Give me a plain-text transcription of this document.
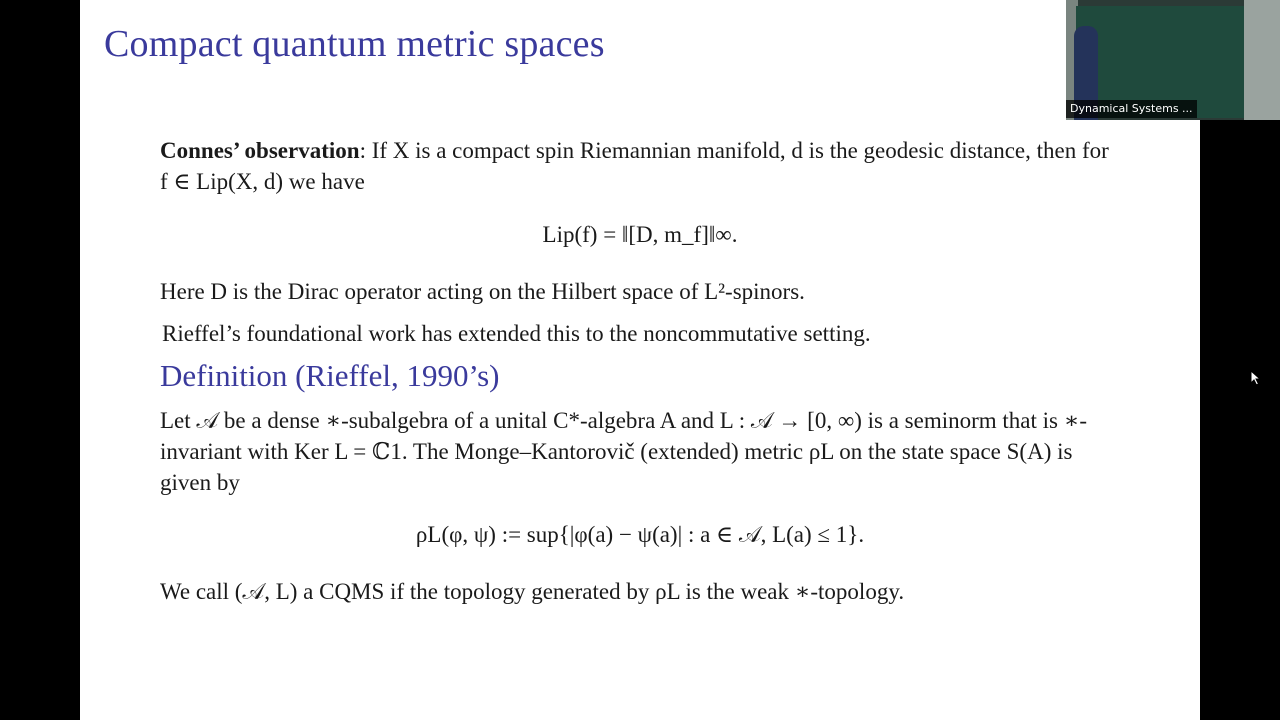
Compact quantum metric spaces
Connes’ observation: If X is a compact spin Riemannian manifold, d is the geodesic distance, then for f ∈ Lip(X, d) we have
Lip(f) = ‖[D, m_f]‖∞.
Here D is the Dirac operator acting on the Hilbert space of L²-spinors.
Rieffel’s foundational work has extended this to the noncommutative setting.
Definition (Rieffel, 1990’s)
Let 𝒜 be a dense ∗-subalgebra of a unital C*-algebra A and L : 𝒜 → [0, ∞) is a seminorm that is ∗-invariant with Ker L = ℂ1. The Monge–Kantorovič (extended) metric ρL on the state space S(A) is given by
ρL(φ, ψ) := sup{|φ(a) − ψ(a)| : a ∈ 𝒜, L(a) ≤ 1}.
We call (𝒜, L) a CQMS if the topology generated by ρL is the weak ∗-topology.
Dynamical Systems ...
